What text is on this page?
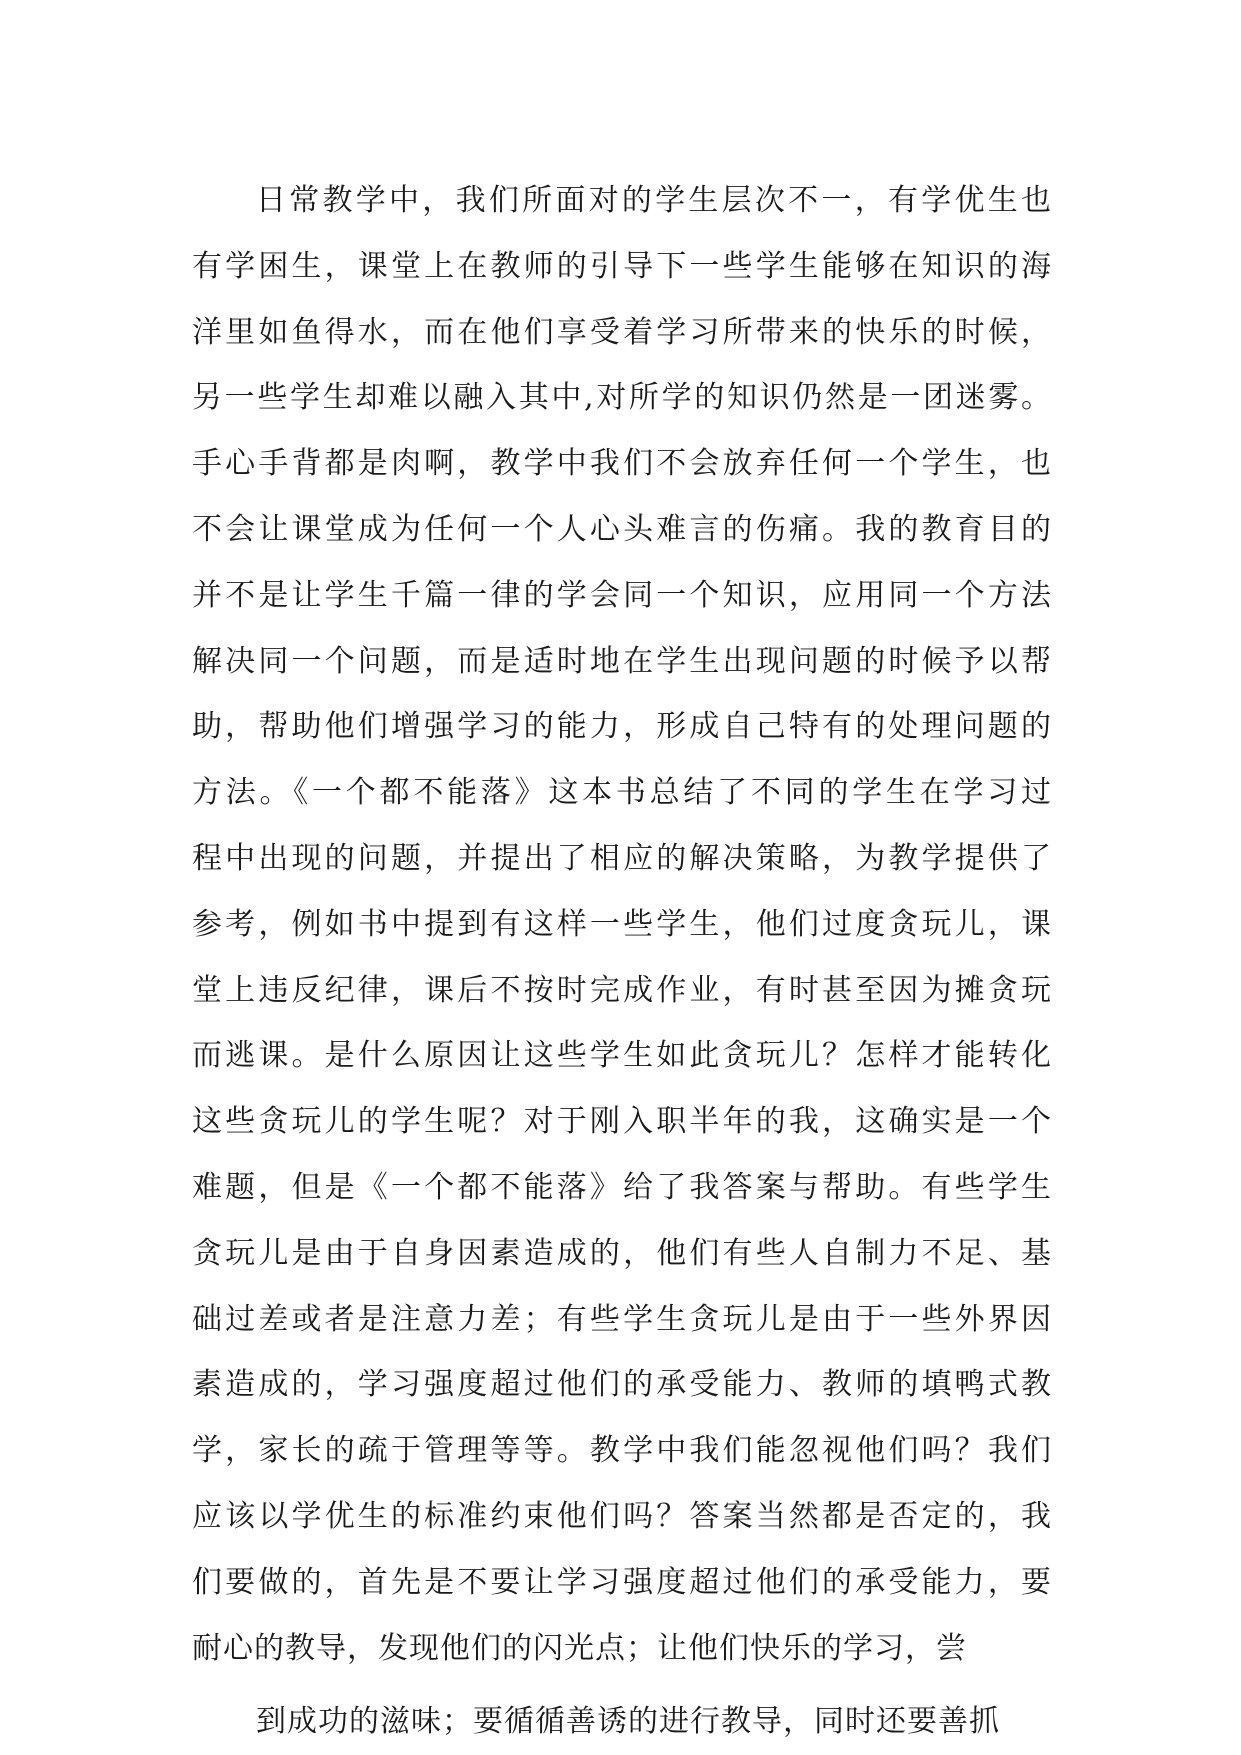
日常教学中，我们所面对的学生层次不一，有学优生也
有学困生，课堂上在教师的引导下一些学生能够在知识的海
洋里如鱼得水，而在他们享受着学习所带来的快乐的时候，
另一些学生却难以融入其中,对所学的知识仍然是一团迷雾。
手心手背都是肉啊，教学中我们不会放弃任何一个学生，也
不会让课堂成为任何一个人心头难言的伤痛。我的教育目的
并不是让学生千篇一律的学会同一个知识，应用同一个方法
解决同一个问题，而是适时地在学生出现问题的时候予以帮
助，帮助他们增强学习的能力，形成自己特有的处理问题的
方法。《一个都不能落》这本书总结了不同的学生在学习过
程中出现的问题，并提出了相应的解决策略，为教学提供了
参考，例如书中提到有这样一些学生，他们过度贪玩儿，课
堂上违反纪律，课后不按时完成作业，有时甚至因为摊贪玩
而逃课。是什么原因让这些学生如此贪玩儿？怎样才能转化
这些贪玩儿的学生呢？对于刚入职半年的我，这确实是一个
难题，但是《一个都不能落》给了我答案与帮助。有些学生
贪玩儿是由于自身因素造成的，他们有些人自制力不足、基
础过差或者是注意力差；有些学生贪玩儿是由于一些外界因
素造成的，学习强度超过他们的承受能力、教师的填鸭式教
学，家长的疏于管理等等。教学中我们能忽视他们吗？我们
应该以学优生的标准约束他们吗？答案当然都是否定的，我
们要做的，首先是不要让学习强度超过他们的承受能力，要
耐心的教导，发现他们的闪光点；让他们快乐的学习，尝
到成功的滋味；要循循善诱的进行教导，同时还要善抓
